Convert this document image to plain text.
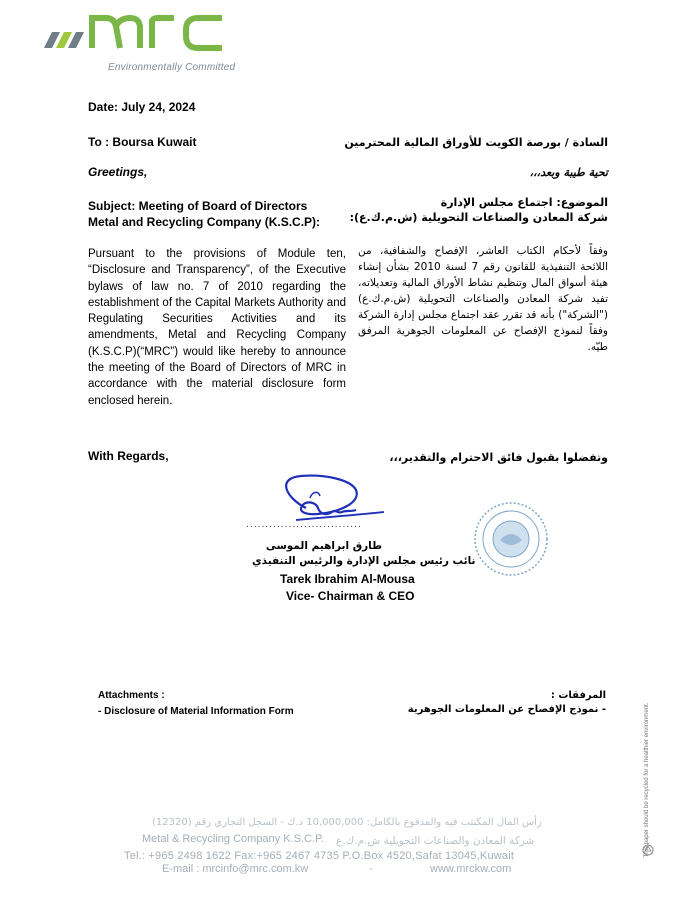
Environmentally Committed
Date: July 24, 2024
To : Boursa Kuwait	السادة / بورصة الكويت للأوراق المالية المحترمين
Greetings,	تحية طيبة وبعد،،،
Subject: Meeting of Board of Directors
Metal and Recycling Company (K.S.C.P):
الموضوع: اجتماع مجلس الإدارة
شركة المعادن والصناعات التحويلية (ش.م.ك.ع):
Pursuant to the provisions of Module ten, “Disclosure and Transparency”, of the Executive bylaws of law no. 7 of 2010 regarding the establishment of the Capital Markets Authority and Regulating Securities Activities and its amendments, Metal and Recycling Company (K.S.C.P)(“MRC”) would like hereby to announce the meeting of the Board of Directors of MRC in accordance with the material disclosure form enclosed herein.
وفقاً لأحكام الكتاب العاشر، الإفصاح والشفافية، من اللائحة التنفيذية للقانون رقم 7 لسنة 2010 بشأن إنشاء هيئة أسواق المال وتنظيم نشاط الأوراق المالية وتعديلاته، تفيد شركة المعادن والصناعات التحويلية (ش.م.ك.ع) ("الشركة") بأنه قد تقرر عقد اجتماع مجلس إدارة الشركة وفقاً لنموذج الإفصاح عن المعلومات الجوهرية المرفق طيّه.
With Regards,	وتفضلوا بقبول فائق الاحترام والتقدير،،،
..............................
طارق ابراهيم الموسى
نائب رئيس مجلس الإدارة والرئيس التنفيذي
Tarek Ibrahim Al-Mousa
Vice- Chairman & CEO
Attachments :
- Disclosure of Material Information Form
المرفقات :
- نموذج الإفصاح عن المعلومات الجوهرية	This paper should be recycled for a healthier environment.
رأس المال المكتتب فيه والمدفوع بالكامل: 10,000,000 د.ك - السجل التجاري رقم (12320)
Metal & Recycling Company K.S.C.P. شركة المعادن والصناعات التحويلية ش.م.ك.ع
Tel.: +965 2498 1622 Fax:+965 2467 4735 P.O.Box 4520,Safat 13045,Kuwait
E-mail : mrcinfo@mrc.com.kw	-	www.mrckw.com
